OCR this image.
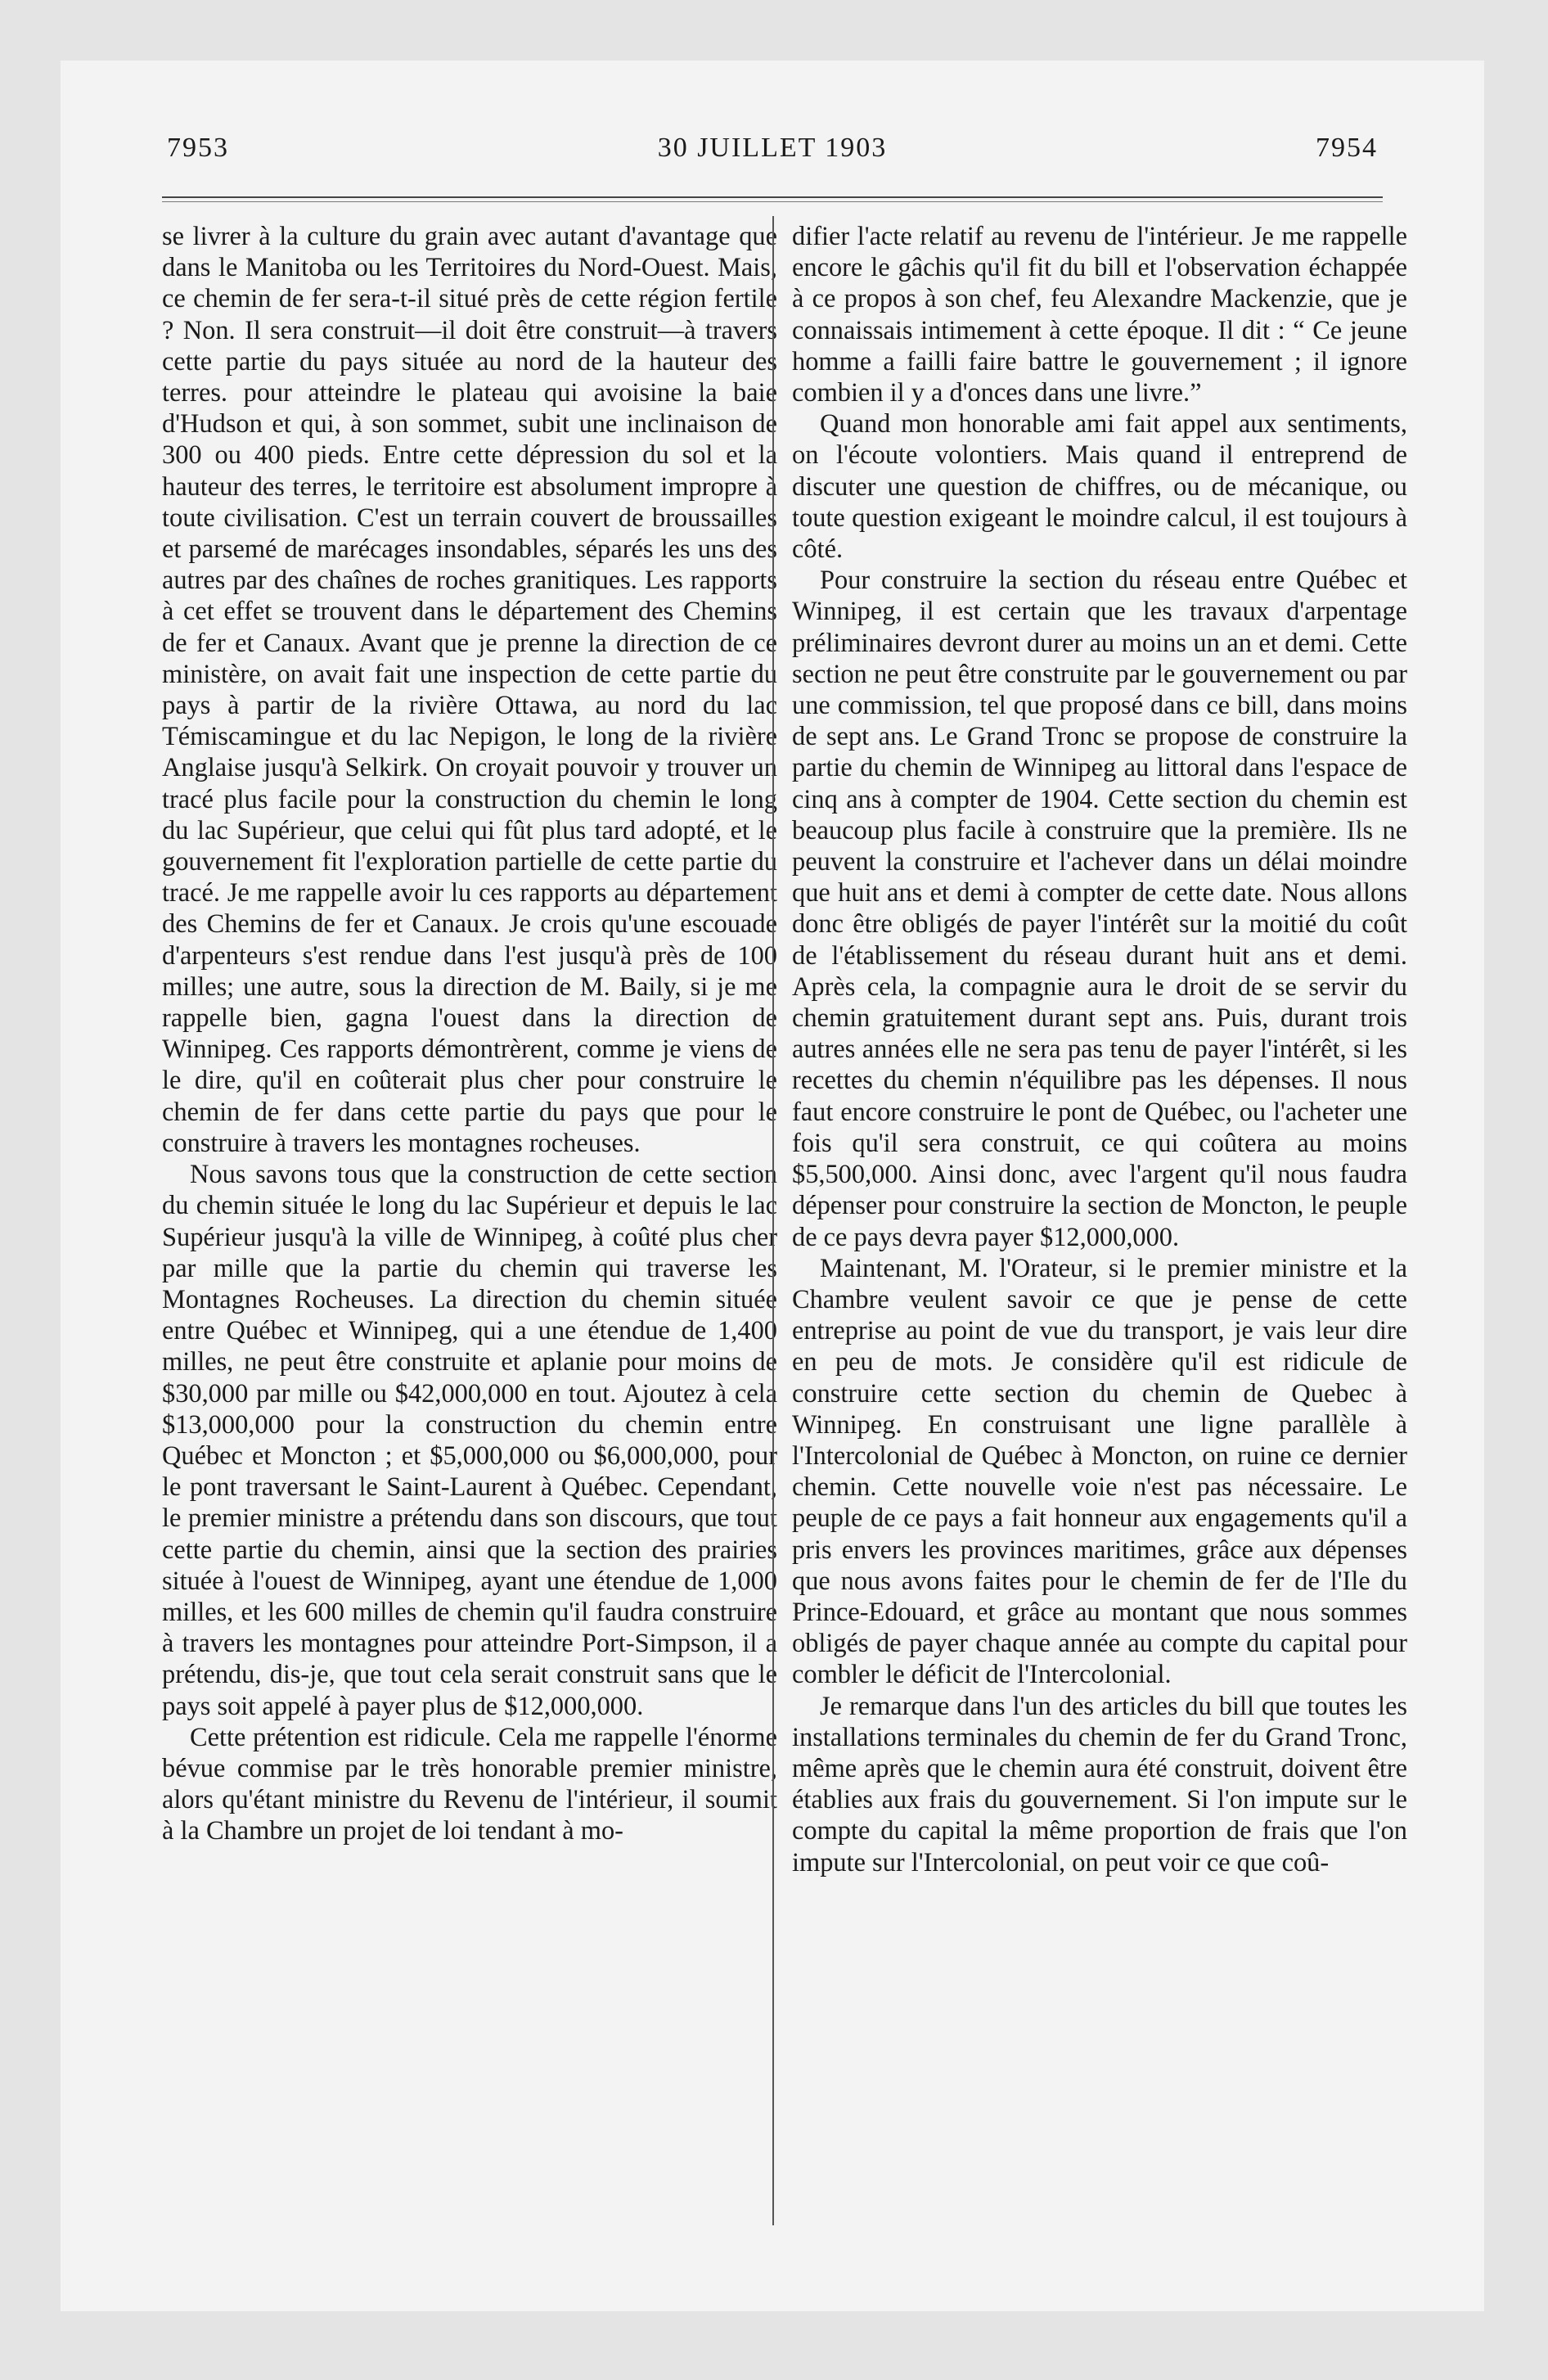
7953	30 JUILLET 1903	7954

se livrer à la culture du grain avec autant d'avantage que dans le Manitoba ou les Territoires du Nord-Ouest. Mais, ce chemin de fer sera-t-il situé près de cette région fertile ? Non. Il sera construit—il doit être construit—à travers cette partie du pays située au nord de la hauteur des terres. pour atteindre le plateau qui avoisine la baie d'Hudson et qui, à son sommet, subit une inclinaison de 300 ou 400 pieds. Entre cette dépression du sol et la hauteur des terres, le territoire est absolument impropre à toute civilisation. C'est un terrain couvert de broussailles et parsemé de marécages insondables, séparés les uns des autres par des chaînes de roches granitiques. Les rapports à cet effet se trouvent dans le département des Chemins de fer et Canaux. Avant que je prenne la direction de ce ministère, on avait fait une inspection de cette partie du pays à partir de la rivière Ottawa, au nord du lac Témiscamingue et du lac Nepigon, le long de la rivière Anglaise jusqu'à Selkirk. On croyait pouvoir y trouver un tracé plus facile pour la construction du chemin le long du lac Supérieur, que celui qui fût plus tard adopté, et le gouvernement fit l'exploration partielle de cette partie du tracé. Je me rappelle avoir lu ces rapports au département des Chemins de fer et Canaux. Je crois qu'une escouade d'arpenteurs s'est rendue dans l'est jusqu'à près de 100 milles; une autre, sous la direction de M. Baily, si je me rappelle bien, gagna l'ouest dans la direction de Winnipeg. Ces rapports démontrèrent, comme je viens de le dire, qu'il en coûterait plus cher pour construire le chemin de fer dans cette partie du pays que pour le construire à travers les montagnes rocheuses.

Nous savons tous que la construction de cette section du chemin située le long du lac Supérieur et depuis le lac Supérieur jusqu'à la ville de Winnipeg, à coûté plus cher par mille que la partie du chemin qui traverse les Montagnes Rocheuses. La direction du chemin située entre Québec et Winnipeg, qui a une étendue de 1,400 milles, ne peut être construite et aplanie pour moins de $30,000 par mille ou $42,000,000 en tout. Ajoutez à cela $13,000,000 pour la construction du chemin entre Québec et Moncton ; et $5,000,000 ou $6,000,000, pour le pont traversant le Saint-Laurent à Québec. Cependant, le premier ministre a prétendu dans son discours, que tout cette partie du chemin, ainsi que la section des prairies située à l'ouest de Winnipeg, ayant une étendue de 1,000 milles, et les 600 milles de chemin qu'il faudra construire à travers les montagnes pour atteindre Port-Simpson, il a prétendu, dis-je, que tout cela serait construit sans que le pays soit appelé à payer plus de $12,000,000.

Cette prétention est ridicule. Cela me rappelle l'énorme bévue commise par le très honorable premier ministre, alors qu'étant ministre du Revenu de l'intérieur, il soumit à la Chambre un projet de loi tendant à mo-

difier l'acte relatif au revenu de l'intérieur. Je me rappelle encore le gâchis qu'il fit du bill et l'observation échappée à ce propos à son chef, feu Alexandre Mackenzie, que je connaissais intimement à cette époque. Il dit : “ Ce jeune homme a failli faire battre le gouvernement ; il ignore combien il y a d'onces dans une livre.”

Quand mon honorable ami fait appel aux sentiments, on l'écoute volontiers. Mais quand il entreprend de discuter une question de chiffres, ou de mécanique, ou toute question exigeant le moindre calcul, il est toujours à côté.

Pour construire la section du réseau entre Québec et Winnipeg, il est certain que les travaux d'arpentage préliminaires devront durer au moins un an et demi. Cette section ne peut être construite par le gouvernement ou par une commission, tel que proposé dans ce bill, dans moins de sept ans. Le Grand Tronc se propose de construire la partie du chemin de Winnipeg au littoral dans l'espace de cinq ans à compter de 1904. Cette section du chemin est beaucoup plus facile à construire que la première. Ils ne peuvent la construire et l'achever dans un délai moindre que huit ans et demi à compter de cette date. Nous allons donc être obligés de payer l'intérêt sur la moitié du coût de l'établissement du réseau durant huit ans et demi. Après cela, la compagnie aura le droit de se servir du chemin gratuitement durant sept ans. Puis, durant trois autres années elle ne sera pas tenu de payer l'intérêt, si les recettes du chemin n'équilibre pas les dépenses. Il nous faut encore construire le pont de Québec, ou l'acheter une fois qu'il sera construit, ce qui coûtera au moins $5,500,000. Ainsi donc, avec l'argent qu'il nous faudra dépenser pour construire la section de Moncton, le peuple de ce pays devra payer $12,000,000.

Maintenant, M. l'Orateur, si le premier ministre et la Chambre veulent savoir ce que je pense de cette entreprise au point de vue du transport, je vais leur dire en peu de mots. Je considère qu'il est ridicule de construire cette section du chemin de Quebec à Winnipeg. En construisant une ligne parallèle à l'Intercolonial de Québec à Moncton, on ruine ce dernier chemin. Cette nouvelle voie n'est pas nécessaire. Le peuple de ce pays a fait honneur aux engagements qu'il a pris envers les provinces maritimes, grâce aux dépenses que nous avons faites pour le chemin de fer de l'Ile du Prince-Edouard, et grâce au montant que nous sommes obligés de payer chaque année au compte du capital pour combler le déficit de l'Intercolonial.

Je remarque dans l'un des articles du bill que toutes les installations terminales du chemin de fer du Grand Tronc, même après que le chemin aura été construit, doivent être établies aux frais du gouvernement. Si l'on impute sur le compte du capital la même proportion de frais que l'on impute sur l'Intercolonial, on peut voir ce que coû-
